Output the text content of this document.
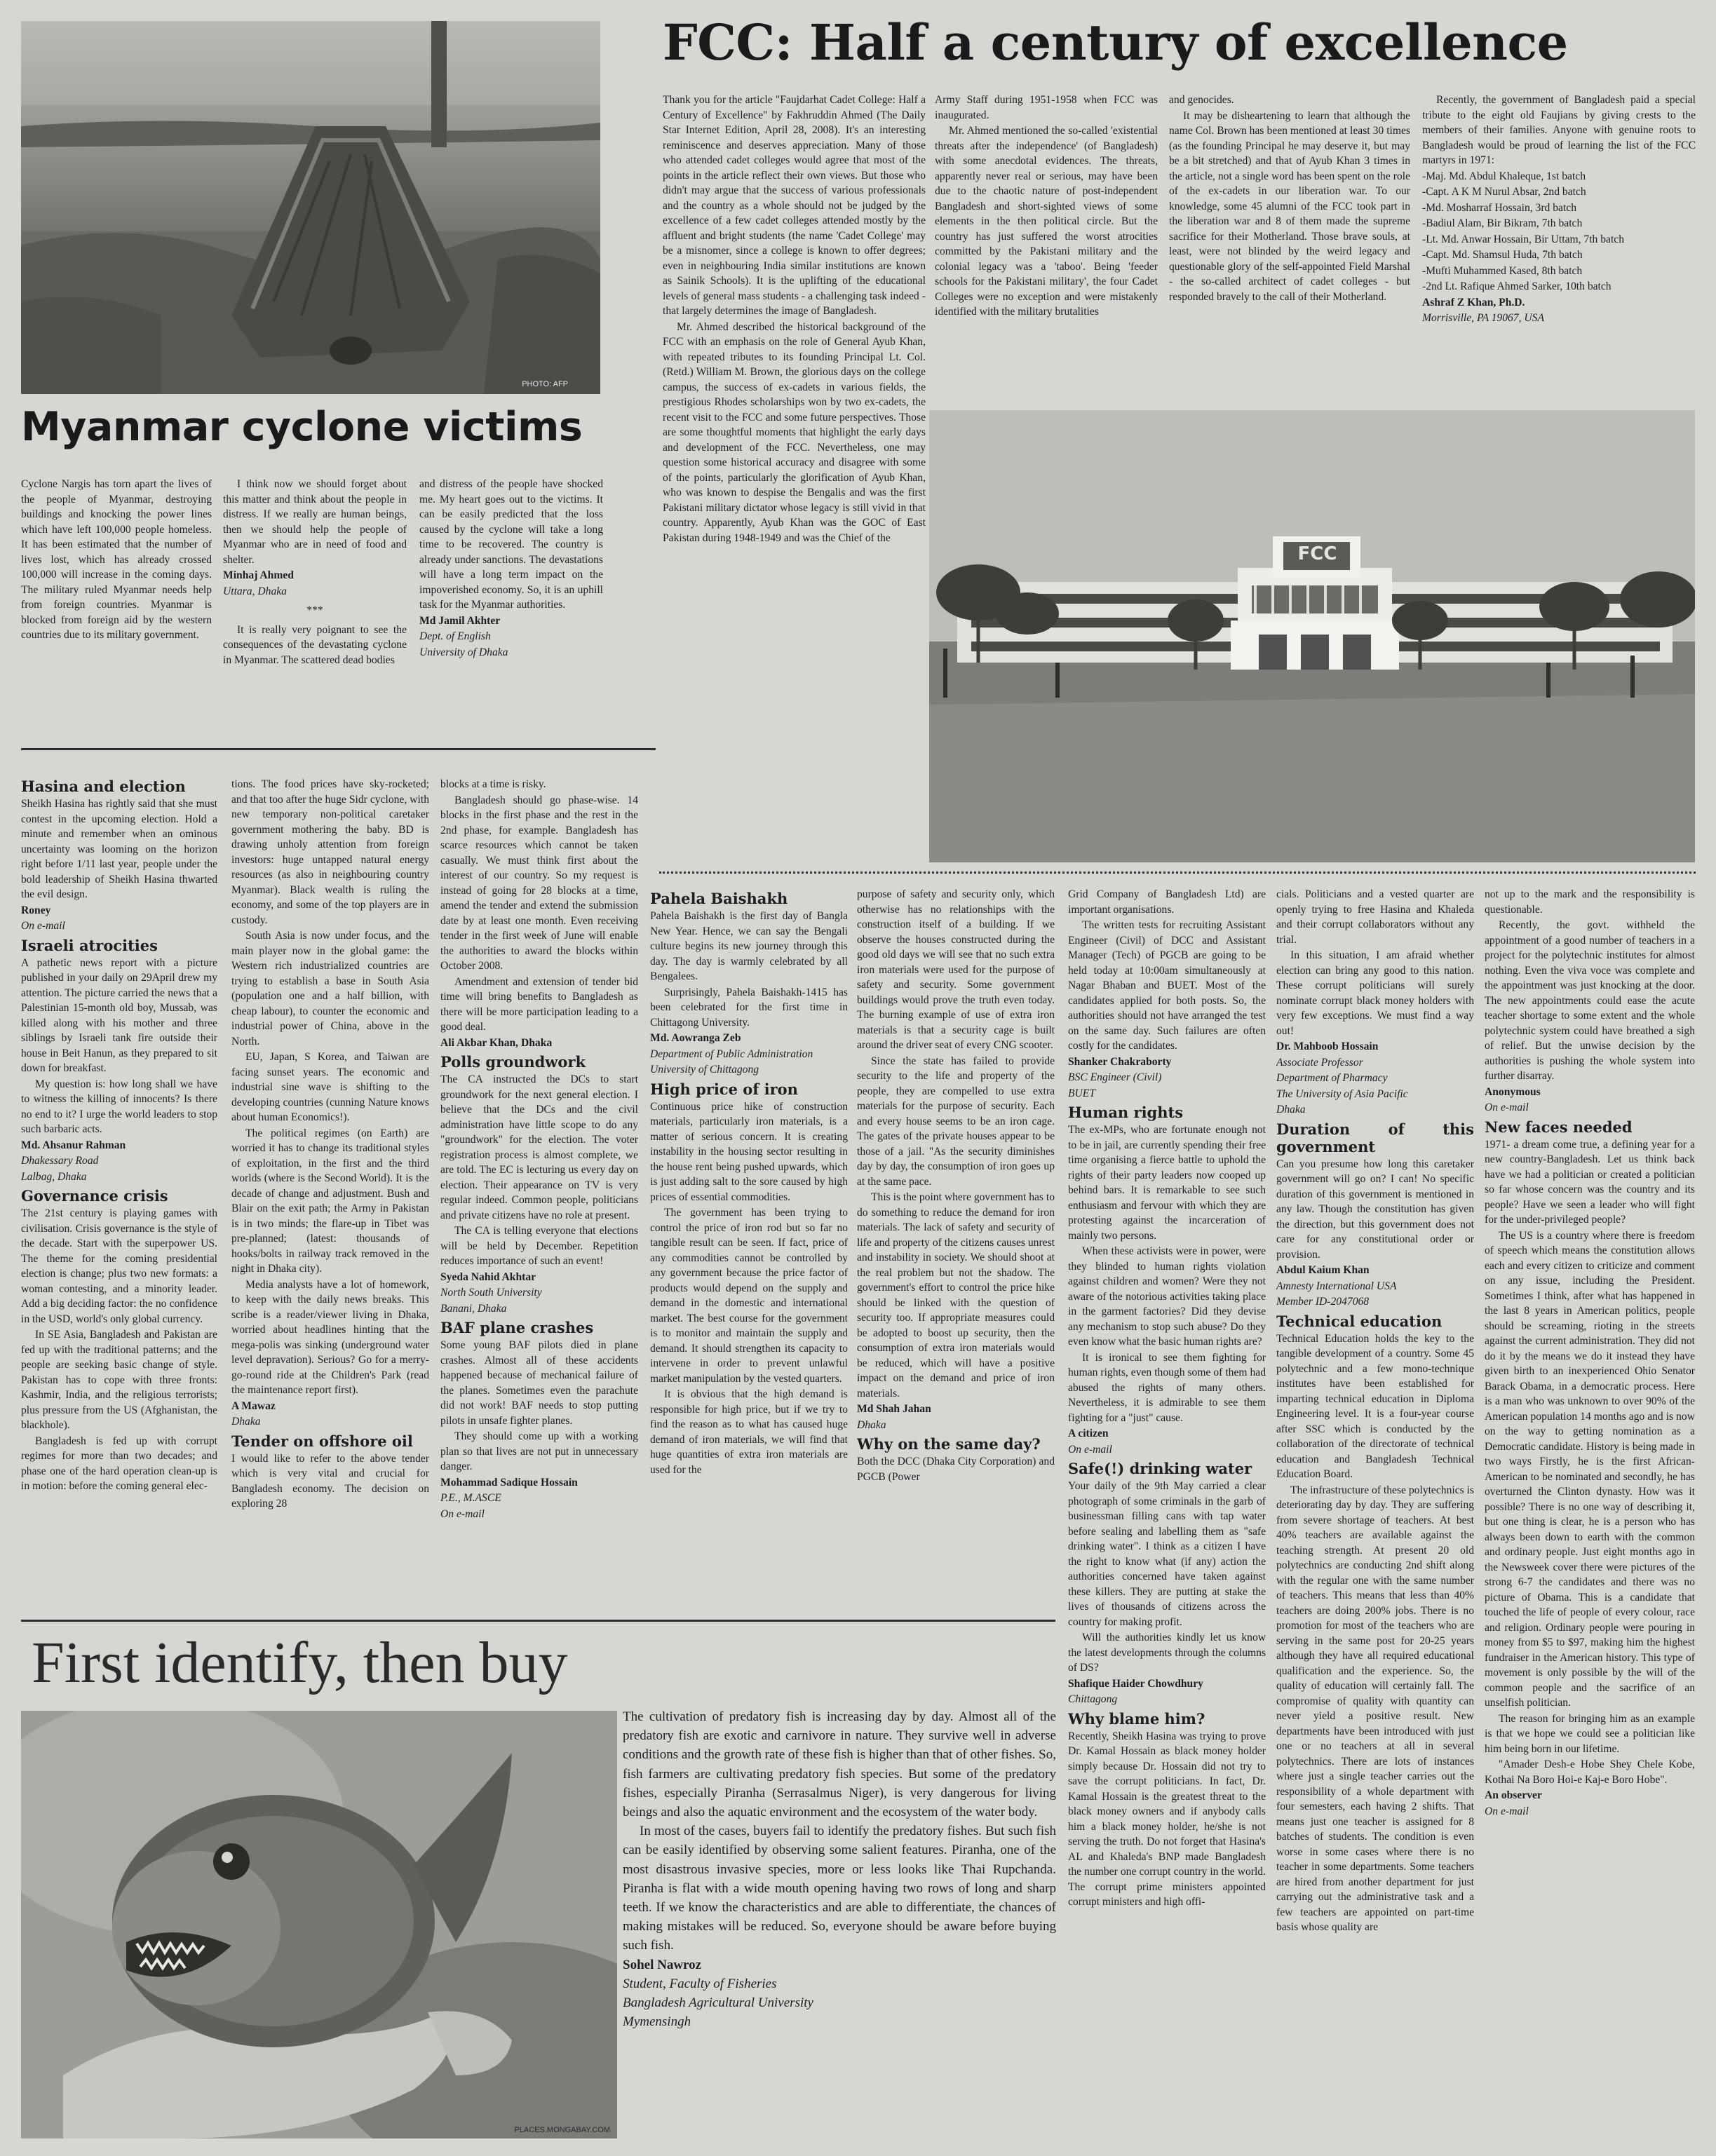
PHOTO: AFP
Myanmar cyclone victims

Cyclone Nargis has torn apart the lives of the people of Myanmar, destroying buildings and knocking the power lines which have left 100,000 people homeless. It has been estimated that the number of lives lost, which has already crossed 100,000 will increase in the coming days. The military ruled Myanmar needs help from foreign countries. Myanmar is blocked from foreign aid by the western countries due to its military government.

I think now we should forget about this matter and think about the people in distress. If we really are human beings, then we should help the people of Myanmar who are in need of food and shelter.

Minhaj Ahmed

Uttara, Dhaka

***

It is really very poignant to see the consequences of the devastating cyclone in Myanmar. The scattered dead bodies

and distress of the people have shocked me. My heart goes out to the victims. It can be easily predicted that the loss caused by the cyclone will take a long time to be recovered. The country is already under sanctions. The devastations will have a long term impact on the impoverished economy. So, it is an uphill task for the Myanmar authorities.

Md Jamil Akhter

Dept. of English

University of Dhaka

FCC: Half a century of excellence

Thank you for the article "Faujdarhat Cadet College: Half a Century of Excellence" by Fakhruddin Ahmed (The Daily Star Internet Edition, April 28, 2008). It's an interesting reminiscence and deserves appreciation. Many of those who attended cadet colleges would agree that most of the points in the article reflect their own views. But those who didn't may argue that the success of various professionals and the country as a whole should not be judged by the excellence of a few cadet colleges attended mostly by the affluent and bright students (the name 'Cadet College' may be a misnomer, since a college is known to offer degrees; even in neighbouring India similar institutions are known as Sainik Schools). It is the uplifting of the educational levels of general mass students - a challenging task indeed - that largely determines the image of Bangladesh.

Mr. Ahmed described the historical background of the FCC with an emphasis on the role of General Ayub Khan, with repeated tributes to its founding Principal Lt. Col. (Retd.) William M. Brown, the glorious days on the college campus, the success of ex-cadets in various fields, the prestigious Rhodes scholarships won by two ex-cadets, the recent visit to the FCC and some future perspectives. Those are some thoughtful moments that highlight the early days and development of the FCC. Nevertheless, one may question some historical accuracy and disagree with some of the points, particularly the glorification of Ayub Khan, who was known to despise the Bengalis and was the first Pakistani military dictator whose legacy is still vivid in that country. Apparently, Ayub Khan was the GOC of East Pakistan during 1948-1949 and was the Chief of the

Army Staff during 1951-1958 when FCC was inaugurated.

Mr. Ahmed mentioned the so-called 'existential threats after the independence' (of Bangladesh) with some anecdotal evidences. The threats, apparently never real or serious, may have been due to the chaotic nature of post-independent Bangladesh and short-sighted views of some elements in the then political circle. But the country has just suffered the worst atrocities committed by the Pakistani military and the colonial legacy was a 'taboo'. Being 'feeder schools for the Pakistani military', the four Cadet Colleges were no exception and were mistakenly identified with the military brutalities

and genocides.

It may be disheartening to learn that although the name Col. Brown has been mentioned at least 30 times (as the founding Principal he may deserve it, but may be a bit stretched) and that of Ayub Khan 3 times in the article, not a single word has been spent on the role of the ex-cadets in our liberation war. To our knowledge, some 45 alumni of the FCC took part in the liberation war and 8 of them made the supreme sacrifice for their Motherland. Those brave souls, at least, were not blinded by the weird legacy and questionable glory of the self-appointed Field Marshal - the so-called architect of cadet colleges - but responded bravely to the call of their Motherland.

Recently, the government of Bangladesh paid a special tribute to the eight old Faujians by giving crests to the members of their families. Anyone with genuine roots to Bangladesh would be proud of learning the list of the FCC martyrs in 1971:

-Maj. Md. Abdul Khaleque, 1st batch

-Capt. A K M Nurul Absar, 2nd batch

-Md. Mosharraf Hossain, 3rd batch

-Badiul Alam, Bir Bikram, 7th batch

-Lt. Md. Anwar Hossain, Bir Uttam, 7th batch

-Capt. Md. Shamsul Huda, 7th batch

-Mufti Muhammed Kased, 8th batch

-2nd Lt. Rafique Ahmed Sarker, 10th batch

Ashraf Z Khan, Ph.D.

Morrisville, PA 19067, USA

FCC
Hasina and election

Sheikh Hasina has rightly said that she must contest in the upcoming election. Hold a minute and remember when an ominous uncertainty was looming on the horizon right before 1/11 last year, people under the bold leadership of Sheikh Hasina thwarted the evil design.

Roney

On e-mail

Israeli atrocities

A pathetic news report with a picture published in your daily on 29April drew my attention. The picture carried the news that a Palestinian 15-month old boy, Mussab, was killed along with his mother and three siblings by Israeli tank fire outside their house in Beit Hanun, as they prepared to sit down for breakfast.

My question is: how long shall we have to witness the killing of innocents? Is there no end to it? I urge the world leaders to stop such barbaric acts.

Md. Ahsanur Rahman

Dhakessary Road

Lalbag, Dhaka

Governance crisis

The 21st century is playing games with civilisation. Crisis governance is the style of the decade. Start with the superpower US. The theme for the coming presidential election is change; plus two new formats: a woman contesting, and a minority leader. Add a big deciding factor: the no confidence in the USD, world's only global currency.

In SE Asia, Bangladesh and Pakistan are fed up with the traditional patterns; and the people are seeking basic change of style. Pakistan has to cope with three fronts: Kashmir, India, and the religious terrorists; plus pressure from the US (Afghanistan, the blackhole).

Bangladesh is fed up with corrupt regimes for more than two decades; and phase one of the hard operation clean-up is in motion: before the coming general elec-

tions. The food prices have sky-rocketed; and that too after the huge Sidr cyclone, with new temporary non-political caretaker government mothering the baby. BD is drawing unholy attention from foreign investors: huge untapped natural energy resources (as also in neighbouring country Myanmar). Black wealth is ruling the economy, and some of the top players are in custody.

South Asia is now under focus, and the main player now in the global game: the Western rich industrialized countries are trying to establish a base in South Asia (population one and a half billion, with cheap labour), to counter the economic and industrial power of China, above in the North.

EU, Japan, S Korea, and Taiwan are facing sunset years. The economic and industrial sine wave is shifting to the developing countries (cunning Nature knows about human Economics!).

The political regimes (on Earth) are worried it has to change its traditional styles of exploitation, in the first and the third worlds (where is the Second World). It is the decade of change and adjustment. Bush and Blair on the exit path; the Army in Pakistan is in two minds; the flare-up in Tibet was pre-planned; (latest: thousands of hooks/bolts in railway track removed in the night in Dhaka city).

Media analysts have a lot of homework, to keep with the daily news breaks. This scribe is a reader/viewer living in Dhaka, worried about headlines hinting that the mega-polis was sinking (underground water level depravation). Serious? Go for a merry-go-round ride at the Children's Park (read the maintenance report first).

A Mawaz

Dhaka

Tender on offshore oil

I would like to refer to the above tender which is very vital and crucial for Bangladesh economy. The decision on exploring 28

blocks at a time is risky.

Bangladesh should go phase-wise. 14 blocks in the first phase and the rest in the 2nd phase, for example. Bangladesh has scarce resources which cannot be taken casually. We must think first about the interest of our country. So my request is instead of going for 28 blocks at a time, amend the tender and extend the submission date by at least one month. Even receiving tender in the first week of June will enable the authorities to award the blocks within October 2008.

Amendment and extension of tender bid time will bring benefits to Bangladesh as there will be more participation leading to a good deal.

Ali Akbar Khan, Dhaka

Polls groundwork

The CA instructed the DCs to start groundwork for the next general election. I believe that the DCs and the civil administration have little scope to do any "groundwork" for the election. The voter registration process is almost complete, we are told. The EC is lecturing us every day on election. Their appearance on TV is very regular indeed. Common people, politicians and private citizens have no role at present.

The CA is telling everyone that elections will be held by December. Repetition reduces importance of such an event!

Syeda Nahid Akhtar

North South University

Banani, Dhaka

BAF plane crashes

Some young BAF pilots died in plane crashes. Almost all of these accidents happened because of mechanical failure of the planes. Sometimes even the parachute did not work! BAF needs to stop putting pilots in unsafe fighter planes.

They should come up with a working plan so that lives are not put in unnecessary danger.

Mohammad Sadique Hossain

P.E., M.ASCE

On e-mail

Pahela Baishakh

Pahela Baishakh is the first day of Bangla New Year. Hence, we can say the Bengali culture begins its new journey through this day. The day is warmly celebrated by all Bengalees.

Surprisingly, Pahela Baishakh-1415 has been celebrated for the first time in Chittagong University.

Md. Aowranga Zeb

Department of Public Administration

University of Chittagong

High price of iron

Continuous price hike of construction materials, particularly iron materials, is a matter of serious concern. It is creating instability in the housing sector resulting in the house rent being pushed upwards, which is just adding salt to the sore caused by high prices of essential commodities.

The government has been trying to control the price of iron rod but so far no tangible result can be seen. If fact, price of any commodities cannot be controlled by any government because the price factor of products would depend on the supply and demand in the domestic and international market. The best course for the government is to monitor and maintain the supply and demand. It should strengthen its capacity to intervene in order to prevent unlawful market manipulation by the vested quarters.

It is obvious that the high demand is responsible for high price, but if we try to find the reason as to what has caused huge demand of iron materials, we will find that huge quantities of extra iron materials are used for the

purpose of safety and security only, which otherwise has no relationships with the construction itself of a building. If we observe the houses constructed during the good old days we will see that no such extra iron materials were used for the purpose of safety and security. Some government buildings would prove the truth even today. The burning example of use of extra iron materials is that a security cage is built around the driver seat of every CNG scooter.

Since the state has failed to provide security to the life and property of the people, they are compelled to use extra materials for the purpose of security. Each and every house seems to be an iron cage. The gates of the private houses appear to be those of a jail. "As the security diminishes day by day, the consumption of iron goes up at the same pace.

This is the point where government has to do something to reduce the demand for iron materials. The lack of safety and security of life and property of the citizens causes unrest and instability in society. We should shoot at the real problem but not the shadow. The government's effort to control the price hike should be linked with the question of security too. If appropriate measures could be adopted to boost up security, then the consumption of extra iron materials would be reduced, which will have a positive impact on the demand and price of iron materials.

Md Shah Jahan

Dhaka

Why on the same day?

Both the DCC (Dhaka City Corporation) and PGCB (Power

Grid Company of Bangladesh Ltd) are important organisations.

The written tests for recruiting Assistant Engineer (Civil) of DCC and Assistant Manager (Tech) of PGCB are going to be held today at 10:00am simultaneously at Nagar Bhaban and BUET. Most of the candidates applied for both posts. So, the authorities should not have arranged the test on the same day. Such failures are often costly for the candidates.

Shanker Chakraborty

BSC Engineer (Civil)

BUET

Human rights

The ex-MPs, who are fortunate enough not to be in jail, are currently spending their free time organising a fierce battle to uphold the rights of their party leaders now cooped up behind bars. It is remarkable to see such enthusiasm and fervour with which they are protesting against the incarceration of mainly two persons.

When these activists were in power, were they blinded to human rights violation against children and women? Were they not aware of the notorious activities taking place in the garment factories? Did they devise any mechanism to stop such abuse? Do they even know what the basic human rights are?

It is ironical to see them fighting for human rights, even though some of them had abused the rights of many others. Nevertheless, it is admirable to see them fighting for a "just" cause.

A citizen

On e-mail

Safe(!) drinking water

Your daily of the 9th May carried a clear photograph of some criminals in the garb of businessman filling cans with tap water before sealing and labelling them as "safe drinking water". I think as a citizen I have the right to know what (if any) action the authorities concerned have taken against these killers. They are putting at stake the lives of thousands of citizens across the country for making profit.

Will the authorities kindly let us know the latest developments through the columns of DS?

Shafique Haider Chowdhury

Chittagong

Why blame him?

Recently, Sheikh Hasina was trying to prove Dr. Kamal Hossain as black money holder simply because Dr. Hossain did not try to save the corrupt politicians. In fact, Dr. Kamal Hossain is the greatest threat to the black money owners and if anybody calls him a black money holder, he/she is not serving the truth. Do not forget that Hasina's AL and Khaleda's BNP made Bangladesh the number one corrupt country in the world. The corrupt prime ministers appointed corrupt ministers and high offi-

cials. Politicians and a vested quarter are openly trying to free Hasina and Khaleda and their corrupt collaborators without any trial.

In this situation, I am afraid whether election can bring any good to this nation. These corrupt politicians will surely nominate corrupt black money holders with very few exceptions. We must find a way out!

Dr. Mahboob Hossain

Associate Professor

Department of Pharmacy

The University of Asia Pacific

Dhaka

Duration of this government

Can you presume how long this caretaker government will go on? I can! No specific duration of this government is mentioned in any law. Though the constitution has given the direction, but this government does not care for any constitutional order or provision.

Abdul Kaium Khan

Amnesty International USA

Member ID-2047068

Technical education

Technical Education holds the key to the tangible development of a country. Some 45 polytechnic and a few mono-technique institutes have been established for imparting technical education in Diploma Engineering level. It is a four-year course after SSC which is conducted by the collaboration of the directorate of technical education and Bangladesh Technical Education Board.

The infrastructure of these polytechnics is deteriorating day by day. They are suffering from severe shortage of teachers. At best 40% teachers are available against the teaching strength. At present 20 old polytechnics are conducting 2nd shift along with the regular one with the same number of teachers. This means that less than 40% teachers are doing 200% jobs. There is no promotion for most of the teachers who are serving in the same post for 20-25 years although they have all required educational qualification and the experience. So, the quality of education will certainly fall. The compromise of quality with quantity can never yield a positive result. New departments have been introduced with just one or no teachers at all in several polytechnics. There are lots of instances where just a single teacher carries out the responsibility of a whole department with four semesters, each having 2 shifts. That means just one teacher is assigned for 8 batches of students. The condition is even worse in some cases where there is no teacher in some departments. Some teachers are hired from another department for just carrying out the administrative task and a few teachers are appointed on part-time basis whose quality are

not up to the mark and the responsibility is questionable.

Recently, the govt. withheld the appointment of a good number of teachers in a project for the polytechnic institutes for almost nothing. Even the viva voce was complete and the appointment was just knocking at the door. The new appointments could ease the acute teacher shortage to some extent and the whole polytechnic system could have breathed a sigh of relief. But the unwise decision by the authorities is pushing the whole system into further disarray.

Anonymous

On e-mail

New faces needed

1971- a dream come true, a defining year for a new country-Bangladesh. Let us think back have we had a politician or created a politician so far whose concern was the country and its people? Have we seen a leader who will fight for the under-privileged people?

The US is a country where there is freedom of speech which means the constitution allows each and every citizen to criticize and comment on any issue, including the President. Sometimes I think, after what has happened in the last 8 years in American politics, people should be screaming, rioting in the streets against the current administration. They did not do it by the means we do it instead they have given birth to an inexperienced Ohio Senator Barack Obama, in a democratic process. Here is a man who was unknown to over 90% of the American population 14 months ago and is now on the way to getting nomination as a Democratic candidate. History is being made in two ways Firstly, he is the first African-American to be nominated and secondly, he has overturned the Clinton dynasty. How was it possible? There is no one way of describing it, but one thing is clear, he is a person who has always been down to earth with the common and ordinary people. Just eight months ago in the Newsweek cover there were pictures of the strong 6-7 the candidates and there was no picture of Obama. This is a candidate that touched the life of people of every colour, race and religion. Ordinary people were pouring in money from $5 to $97, making him the highest fundraiser in the American history. This type of movement is only possible by the will of the common people and the sacrifice of an unselfish politician.

The reason for bringing him as an example is that we hope we could see a politician like him being born in our lifetime.

"Amader Desh-e Hobe Shey Chele Kobe, Kothai Na Boro Hoi-e Kaj-e Boro Hobe".

An observer

On e-mail

First identify, then buy
PLACES.MONGABAY.COM

The cultivation of predatory fish is increasing day by day. Almost all of the predatory fish are exotic and carnivore in nature. They survive well in adverse conditions and the growth rate of these fish is higher than that of other fishes. So, fish farmers are cultivating predatory fish species. But some of the predatory fishes, especially Piranha (Serrasalmus Niger), is very dangerous for living beings and also the aquatic environment and the ecosystem of the water body.

In most of the cases, buyers fail to identify the predatory fishes. But such fish can be easily identified by observing some salient features. Piranha, one of the most disastrous invasive species, more or less looks like Thai Rupchanda. Piranha is flat with a wide mouth opening having two rows of long and sharp teeth. If we know the characteristics and are able to differentiate, the chances of making mistakes will be reduced. So, everyone should be aware before buying such fish.

Sohel Nawroz

Student, Faculty of Fisheries

Bangladesh Agricultural University

Mymensingh
